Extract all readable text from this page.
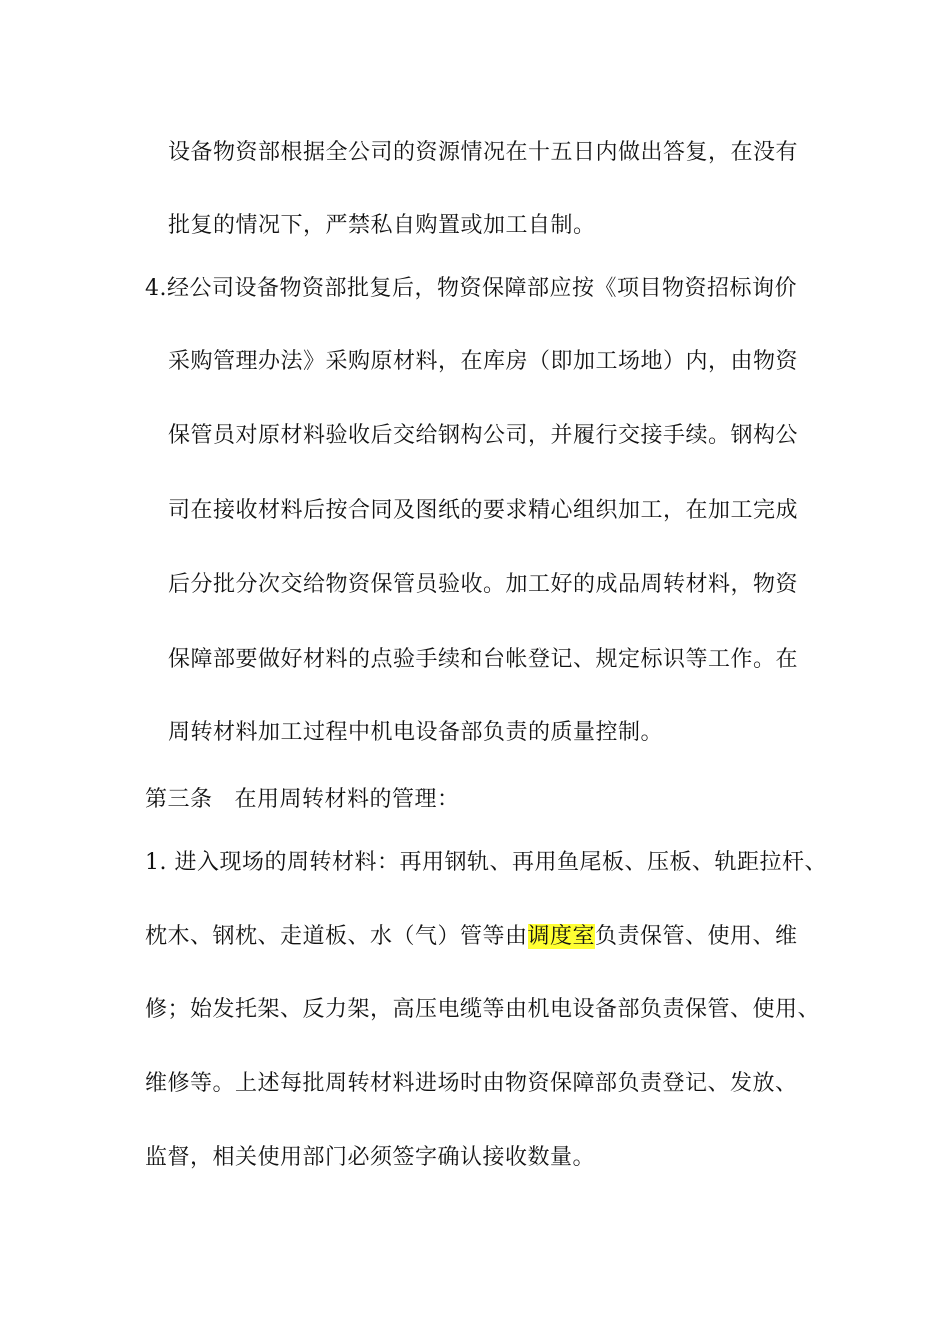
设备物资部根据全公司的资源情况在十五日内做出答复，在没有
批复的情况下，严禁私自购置或加工自制。
4.经公司设备物资部批复后，物资保障部应按《项目物资招标询价
采购管理办法》采购原材料，在库房（即加工场地）内，由物资
保管员对原材料验收后交给钢构公司，并履行交接手续。钢构公
司在接收材料后按合同及图纸的要求精心组织加工，在加工完成
后分批分次交给物资保管员验收。加工好的成品周转材料，物资
保障部要做好材料的点验手续和台帐登记、规定标识等工作。在
周转材料加工过程中机电设备部负责的质量控制。
第三条 在用周转材料的管理：
1. 进入现场的周转材料：再用钢轨、再用鱼尾板、压板、轨距拉杆、
枕木、钢枕、走道板、水（气）管等由调度室负责保管、使用、维
修；始发托架、反力架，高压电缆等由机电设备部负责保管、使用、
维修等。上述每批周转材料进场时由物资保障部负责登记、发放、
监督，相关使用部门必须签字确认接收数量。
